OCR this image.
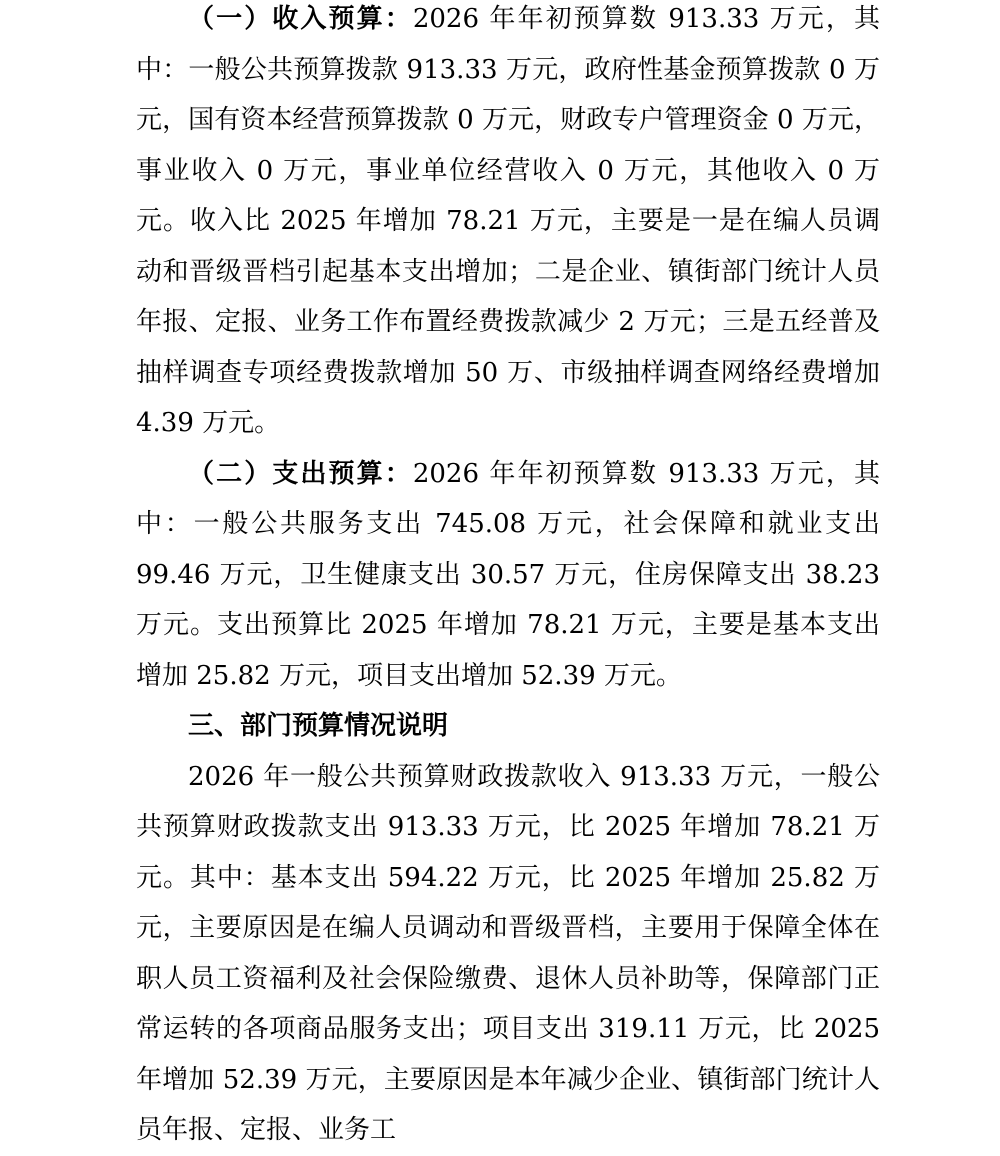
（一）收入预算：2026 年年初预算数 913.33 万元，其中：一般公共预算拨款 913.33 万元，政府性基金预算拨款 0 万元，国有资本经营预算拨款 0 万元，财政专户管理资金 0 万元，事业收入 0 万元，事业单位经营收入 0 万元，其他收入 0 万元。收入比 2025 年增加 78.21 万元，主要是一是在编人员调动和晋级晋档引起基本支出增加；二是企业、镇街部门统计人员年报、定报、业务工作布置经费拨款减少 2 万元；三是五经普及抽样调查专项经费拨款增加 50 万、市级抽样调查网络经费增加 4.39 万元。

（二）支出预算：2026 年年初预算数 913.33 万元，其中：一般公共服务支出 745.08 万元，社会保障和就业支出 99.46 万元，卫生健康支出 30.57 万元，住房保障支出 38.23 万元。支出预算比 2025 年增加 78.21 万元，主要是基本支出增加 25.82 万元，项目支出增加 52.39 万元。

三、部门预算情况说明

2026 年一般公共预算财政拨款收入 913.33 万元，一般公共预算财政拨款支出 913.33 万元，比 2025 年增加 78.21 万元。其中：基本支出 594.22 万元，比 2025 年增加 25.82 万元，主要原因是在编人员调动和晋级晋档，主要用于保障全体在职人员工资福利及社会保险缴费、退休人员补助等，保障部门正常运转的各项商品服务支出；项目支出 319.11 万元，比 2025 年增加 52.39 万元，主要原因是本年减少企业、镇街部门统计人员年报、定报、业务工
